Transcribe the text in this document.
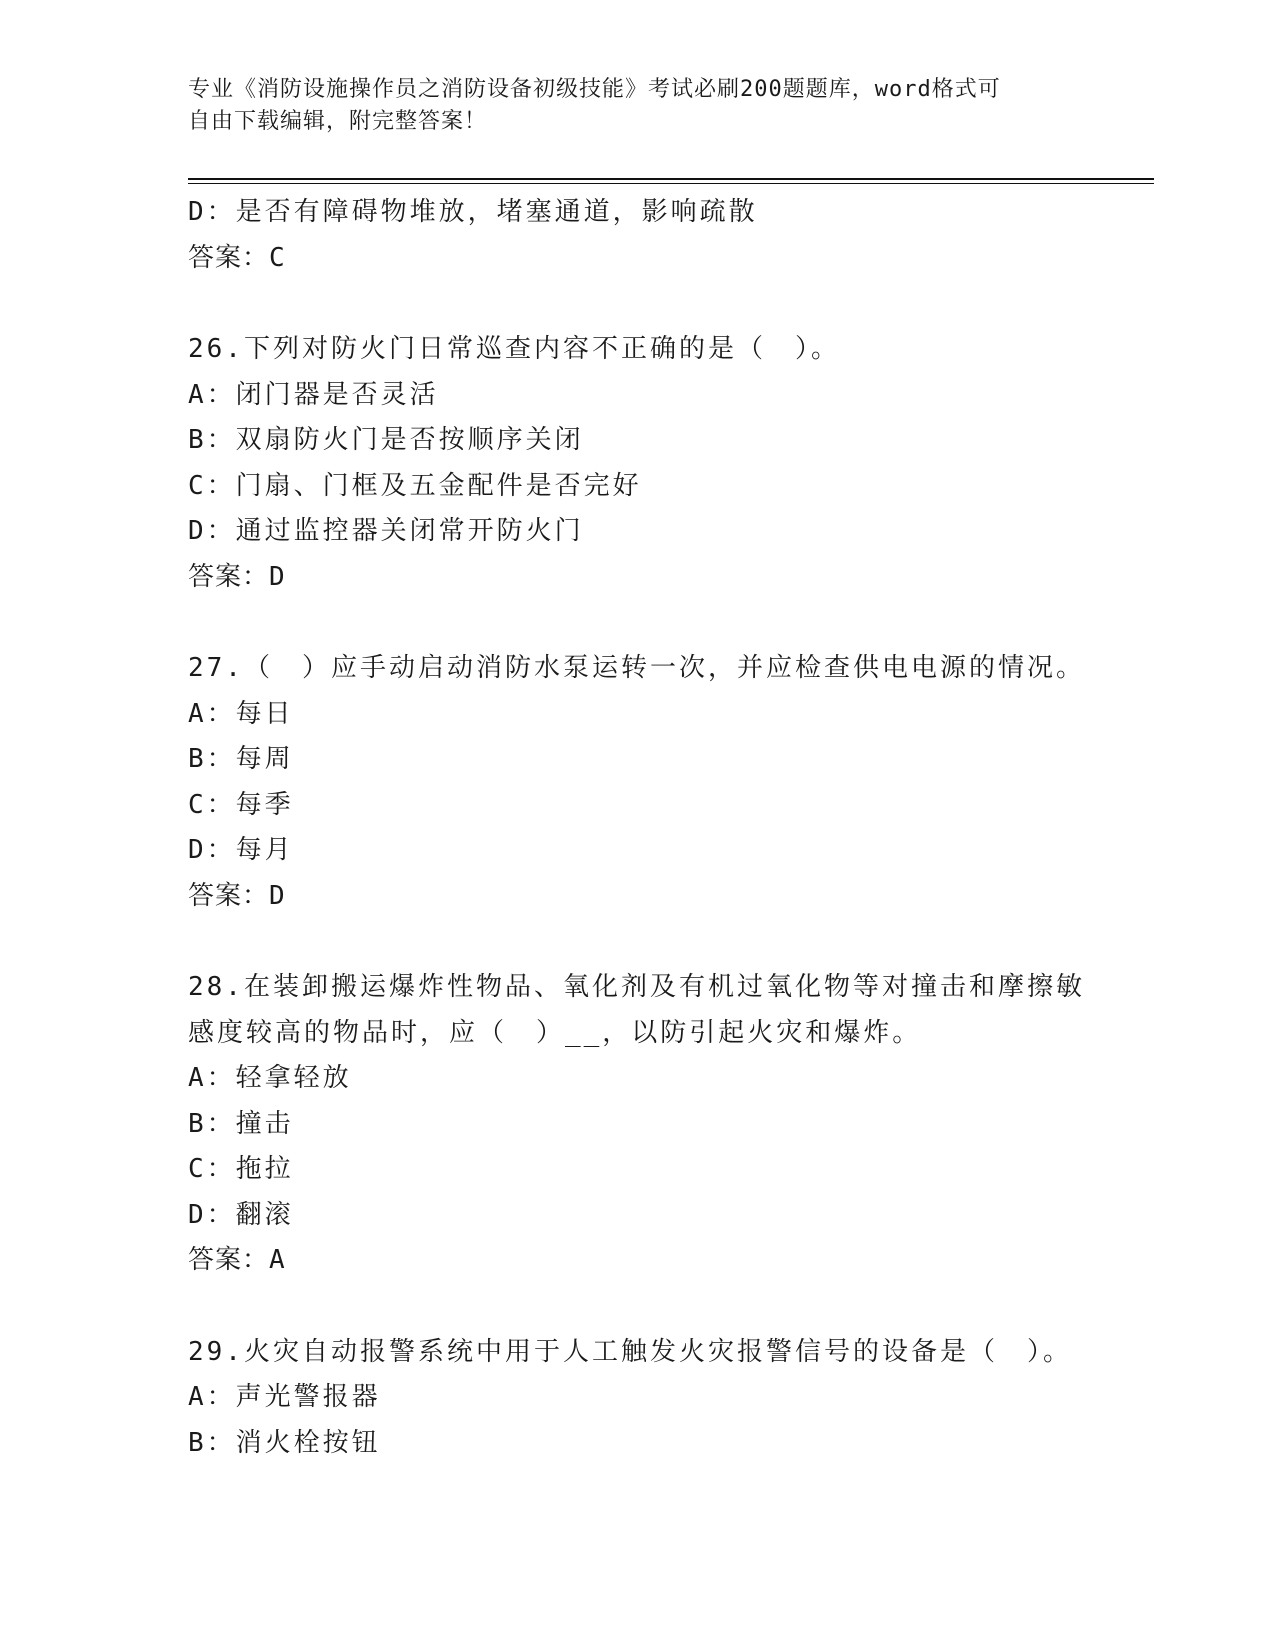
专业《消防设施操作员之消防设备初级技能》考试必刷200题题库，word格式可
自由下载编辑，附完整答案！
D：是否有障碍物堆放，堵塞通道，影响疏散
答案：C
26.下列对防火门日常巡查内容不正确的是（　）。
A：闭门器是否灵活
B：双扇防火门是否按顺序关闭
C：门扇、门框及五金配件是否完好
D：通过监控器关闭常开防火门
答案：D
27.（　）应手动启动消防水泵运转一次，并应检查供电电源的情况。
A：每日
B：每周
C：每季
D：每月
答案：D
28.在装卸搬运爆炸性物品、氧化剂及有机过氧化物等对撞击和摩擦敏
感度较高的物品时，应（　）__，以防引起火灾和爆炸。
A：轻拿轻放
B：撞击
C：拖拉
D：翻滚
答案：A
29.火灾自动报警系统中用于人工触发火灾报警信号的设备是（　）。
A：声光警报器
B：消火栓按钮
